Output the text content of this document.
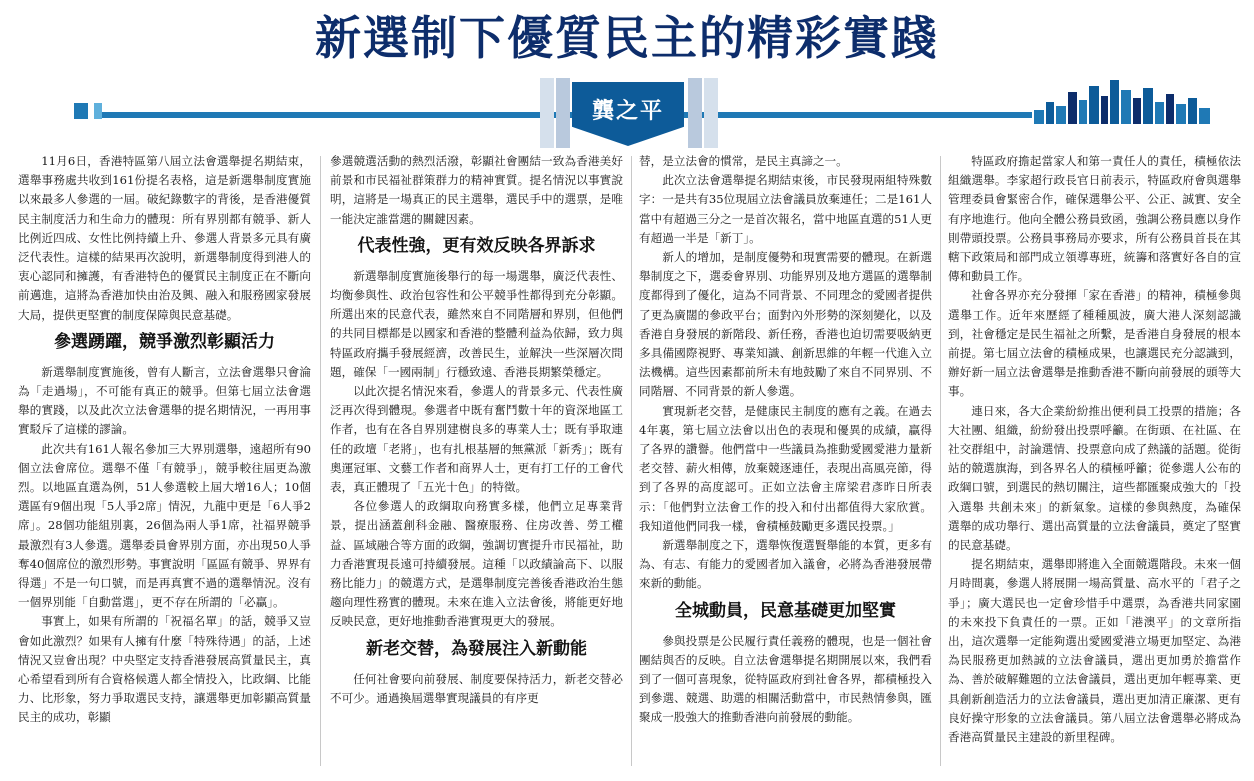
新選制下優質民主的精彩實踐
龔之平

11月6日，香港特區第八屆立法會選舉提名期結束，選舉事務處共收到161份提名表格，這是新選舉制度實施以來最多人參選的一屆。破紀錄數字的背後，是香港優質民主制度活力和生命力的體現：所有界別都有競爭、新人比例近四成、女性比例持續上升、參選人背景多元具有廣泛代表性。這樣的結果再次說明，新選舉制度得到港人的衷心認同和擁護，有香港特色的優質民主制度正在不斷向前邁進，這將為香港加快由治及興、融入和服務國家發展大局，提供更堅實的制度保障與民意基礎。

參選踴躍，競爭激烈彰顯活力

新選舉制度實施後，曾有人斷言，立法會選舉只會淪為「走過場」，不可能有真正的競爭。但第七屆立法會選舉的實踐，以及此次立法會選舉的提名期情況，一再用事實駁斥了這樣的謬論。

此次共有161人報名參加三大界別選舉，遠超所有90個立法會席位。選舉不僅「有競爭」，競爭較往屆更為激烈。以地區直選為例，51人參選較上屆大增16人；10個選區有9個出現「5人爭2席」情況，九龍中更是「6人爭2席」。28個功能組別裏，26個為兩人爭1席，社福界競爭最激烈有3人參選。選舉委員會界別方面，亦出現50人爭奪40個席位的激烈形勢。事實說明「區區有競爭、界界有得選」不是一句口號，而是再真實不過的選舉情況。沒有一個界別能「自動當選」，更不存在所謂的「必贏」。

事實上，如果有所謂的「祝福名單」的話，競爭又豈會如此激烈？如果有人擁有什麼「特殊待遇」的話，上述情況又豈會出現？中央堅定支持香港發展高質量民主，真心希望看到所有合資格候選人都全情投入，比政綱、比能力、比形象，努力爭取選民支持，讓選舉更加彰顯高質量民主的成功，彰顯

參選競選活動的熱烈活潑，彰顯社會團結一致為香港美好前景和市民福祉群策群力的精神實質。提名情況以事實說明，這將是一場真正的民主選舉，選民手中的選票，是唯一能決定誰當選的關鍵因素。

代表性強，更有效反映各界訴求

新選舉制度實施後舉行的每一場選舉，廣泛代表性、均衡參與性、政治包容性和公平競爭性都得到充分彰顯。所選出來的民意代表，雖然來自不同階層和界別，但他們的共同目標都是以國家和香港的整體利益為依歸，致力與特區政府攜手發展經濟，改善民生，並解決一些深層次問題，確保「一國兩制」行穩致遠、香港長期繁榮穩定。

以此次提名情況來看，參選人的背景多元、代表性廣泛再次得到體現。參選者中既有奮鬥數十年的資深地區工作者，也有在各自界別建樹良多的專業人士；既有爭取連任的政壇「老將」，也有扎根基層的無黨派「新秀」；既有奧運冠軍、文藝工作者和商界人士，更有打工仔的工會代表，真正體現了「五光十色」的特徵。

各位參選人的政綱取向務實多樣，他們立足專業背景，提出涵蓋創科金融、醫療服務、住房改善、勞工權益、區域融合等方面的政綱，強調切實提升市民福祉，助力香港實現長遠可持續發展。這種「以政績論高下、以服務比能力」的競選方式，是選舉制度完善後香港政治生態趨向理性務實的體現。未來在進入立法會後，將能更好地反映民意，更好地推動香港實現更大的發展。

新老交替，為發展注入新動能

任何社會要向前發展、制度要保持活力，新老交替必不可少。通過換屆選舉實現議員的有序更

替，是立法會的慣常，是民主真諦之一。

此次立法會選舉提名期結束後，市民發現兩組特殊數字：一是共有35位現屆立法會議員放棄連任；二是161人當中有超過三分之一是首次報名，當中地區直選的51人更有超過一半是「新丁」。

新人的增加，是制度優勢和現實需要的體現。在新選舉制度之下，選委會界別、功能界別及地方選區的選舉制度都得到了優化，這為不同背景、不同理念的愛國者提供了更為廣闊的參政平台；面對內外形勢的深刻變化，以及香港自身發展的新階段、新任務，香港也迫切需要吸納更多具備國際視野、專業知識、創新思維的年輕一代進入立法機構。這些因素都前所未有地鼓勵了來自不同界別、不同階層、不同背景的新人參選。

實現新老交替，是健康民主制度的應有之義。在過去4年裏，第七屆立法會以出色的表現和優異的成績，贏得了各界的讚譽。他們當中一些議員為推動愛國愛港力量新老交替、薪火相傳，放棄競逐連任，表現出高風亮節，得到了各界的高度認可。正如立法會主席梁君彥昨日所表示：「他們對立法會工作的投入和付出都值得大家欣賞。我知道他們同我一樣，會積極鼓勵更多選民投票。」

新選舉制度之下，選舉恢復選賢舉能的本質，更多有為、有志、有能力的愛國者加入議會，必將為香港發展帶來新的動能。

全城動員，民意基礎更加堅實

參與投票是公民履行責任義務的體現，也是一個社會團結與否的反映。自立法會選舉提名期開展以來，我們看到了一個可喜現象，從特區政府到社會各界，都積極投入到參選、競選、助選的相關活動當中，市民熱情參與，匯聚成一股強大的推動香港向前發展的動能。

特區政府擔起當家人和第一責任人的責任，積極依法組織選舉。李家超行政長官日前表示，特區政府會與選舉管理委員會緊密合作，確保選舉公平、公正、誠實、安全有序地進行。他向全體公務員致函，強調公務員應以身作則帶頭投票。公務員事務局亦要求，所有公務員首長在其轄下政策局和部門成立領導專班，統籌和落實好各自的宣傳和動員工作。

社會各界亦充分發揮「家在香港」的精神，積極參與選舉工作。近年來歷經了種種風波，廣大港人深刻認識到，社會穩定是民生福祉之所繫，是香港自身發展的根本前提。第七屆立法會的積極成果，也讓選民充分認識到，辦好新一屆立法會選舉是推動香港不斷向前發展的頭等大事。

連日來，各大企業紛紛推出便利員工投票的措施；各大社團、組織，紛紛發出投票呼籲。在街頭、在社區、在社交群組中，討論選情、投票意向成了熱議的話題。從街站的競選旗海，到各界名人的積極呼籲；從參選人公布的政綱口號，到選民的熱切關注，這些都匯聚成強大的「投入選舉 共創未來」的新氣象。這樣的參與熱度，為確保選舉的成功舉行、選出高質量的立法會議員，奠定了堅實的民意基礎。

提名期結束，選舉即將進入全面競選階段。未來一個月時間裏，參選人將展開一場高質量、高水平的「君子之爭」；廣大選民也一定會珍惜手中選票，為香港共同家園的未來投下負責任的一票。正如「港澳平」的文章所指出，這次選舉一定能夠選出愛國愛港立場更加堅定、為港為民服務更加熱誠的立法會議員，選出更加勇於擔當作為、善於破解難題的立法會議員，選出更加年輕專業、更具創新創造活力的立法會議員，選出更加清正廉潔、更有良好操守形象的立法會議員。第八屆立法會選舉必將成為香港高質量民主建設的新里程碑。
